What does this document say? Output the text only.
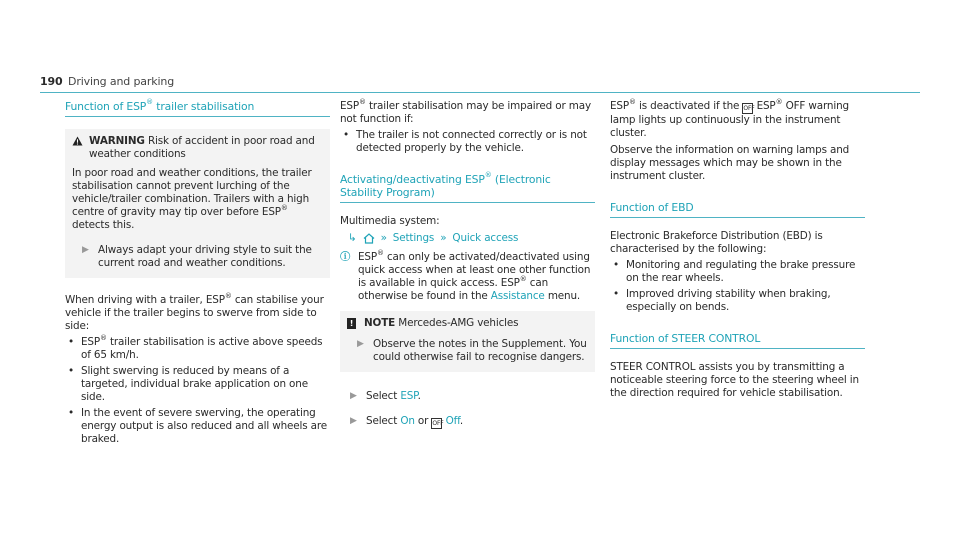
190 Driving and parking
Function of ESP® trailer stabilisation
WARNING Risk of accident in poor road and weather conditions

In poor road and weather conditions, the trailer stabilisation cannot prevent lurching of the vehicle/trailer combination. Trailers with a high centre of gravity may tip over before ESP® detects this.

▶ Always adapt your driving style to suit the current road and weather conditions.

When driving with a trailer, ESP® can stabilise your vehicle if the trailer begins to swerve from side to side:

• ESP® trailer stabilisation is active above speeds of 65 km/h.
• Slight swerving is reduced by means of a targeted, individual brake application on one side.
• In the event of severe swerving, the operating energy output is also reduced and all wheels are braked.

ESP® trailer stabilisation may be impaired or may not function if:

• The trailer is not connected correctly or is not detected properly by the vehicle.
Activating/deactivating ESP® (Electronic Stability Program)

Multimedia system:

↳ » Settings » Quick access
ⓘ ESP® can only be activated/deactivated using quick access when at least one other function is available in quick access. ESP® can otherwise be found in the Assistance menu.

! NOTE Mercedes-AMG vehicles
▶ Observe the notes in the Supplement. You could otherwise fail to recognise dangers.
▶ Select ESP.
▶ Select On or OFF Off.

ESP® is deactivated if the OFF ESP® OFF warning lamp lights up continuously in the instrument cluster.

Observe the information on warning lamps and display messages which may be shown in the instrument cluster.

Function of EBD

Electronic Brakeforce Distribution (EBD) is characterised by the following:

• Monitoring and regulating the brake pressure on the rear wheels.
• Improved driving stability when braking, especially on bends.
Function of STEER CONTROL

STEER CONTROL assists you by transmitting a noticeable steering force to the steering wheel in the direction required for vehicle stabilisation.
